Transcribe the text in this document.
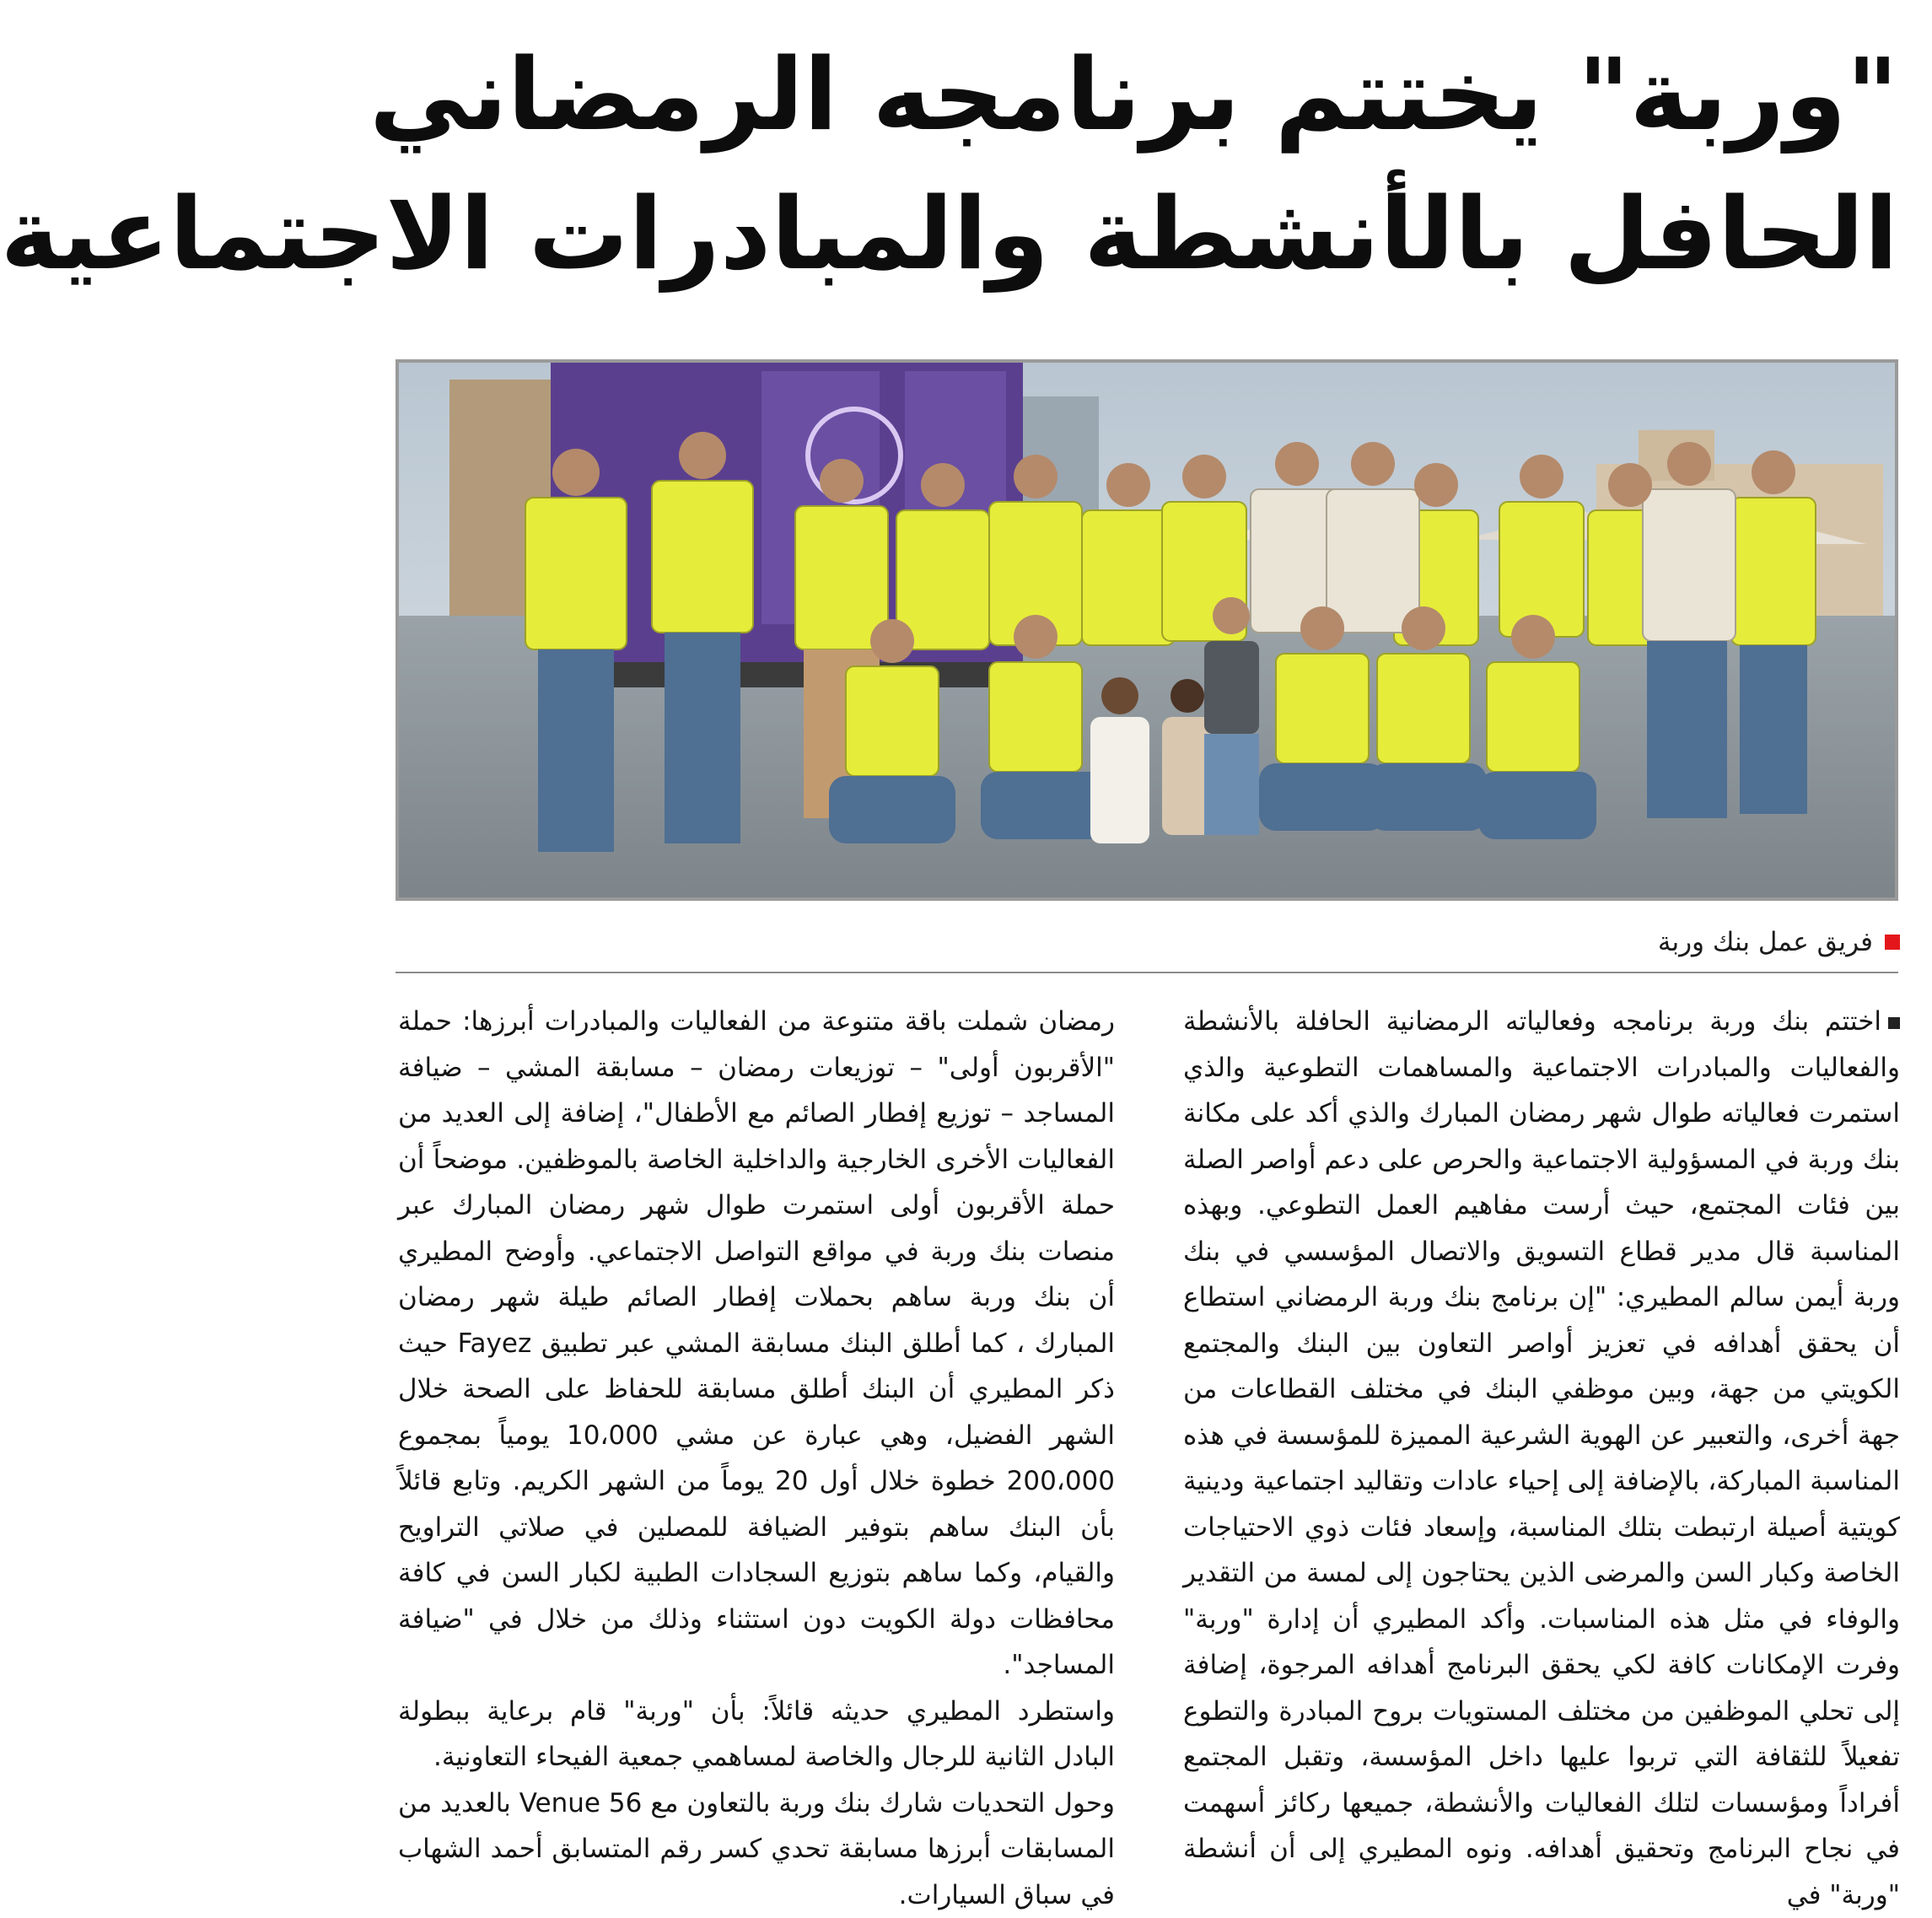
"وربة" يختتم برنامجه الرمضاني
الحافل بالأنشطة والمبادرات الاجتماعية
فريق عمل بنك وربة

اختتم بنك وربة برنامجه وفعالياته الرمضانية الحافلة بالأنشطة والفعاليات والمبادرات الاجتماعية والمساهمات التطوعية والذي استمرت فعالياته طوال شهر رمضان المبارك والذي أكد على مكانة بنك وربة في المسؤولية الاجتماعية والحرص على دعم أواصر الصلة بين فئات المجتمع، حيث أرست مفاهيم العمل التطوعي. وبهذه المناسبة قال مدير قطاع التسويق والاتصال المؤسسي في بنك وربة أيمن سالم المطيري: "إن برنامج بنك وربة الرمضاني استطاع أن يحقق أهدافه في تعزيز أواصر التعاون بين البنك والمجتمع الكويتي من جهة، وبين موظفي البنك في مختلف القطاعات من جهة أخرى، والتعبير عن الهوية الشرعية المميزة للمؤسسة في هذه المناسبة المباركة، بالإضافة إلى إحياء عادات وتقاليد اجتماعية ودينية كويتية أصيلة ارتبطت بتلك المناسبة، وإسعاد فئات ذوي الاحتياجات الخاصة وكبار السن والمرضى الذين يحتاجون إلى لمسة من التقدير والوفاء في مثل هذه المناسبات. وأكد المطيري أن إدارة "وربة" وفرت الإمكانات كافة لكي يحقق البرنامج أهدافه المرجوة، إضافة إلى تحلي الموظفين من مختلف المستويات بروح المبادرة والتطوع تفعيلاً للثقافة التي تربوا عليها داخل المؤسسة، وتقبل المجتمع أفراداً ومؤسسات لتلك الفعاليات والأنشطة، جميعها ركائز أسهمت في نجاح البرنامج وتحقيق أهدافه. ونوه المطيري إلى أن أنشطة "وربة" في

رمضان شملت باقة متنوعة من الفعاليات والمبادرات أبرزها: حملة "الأقربون أولى" – توزيعات رمضان – مسابقة المشي – ضيافة المساجد – توزيع إفطار الصائم مع الأطفال"، إضافة إلى العديد من الفعاليات الأخرى الخارجية والداخلية الخاصة بالموظفين. موضحاً أن حملة الأقربون أولى استمرت طوال شهر رمضان المبارك عبر منصات بنك وربة في مواقع التواصل الاجتماعي. وأوضح المطيري أن بنك وربة ساهم بحملات إفطار الصائم طيلة شهر رمضان المبارك ، كما أطلق البنك مسابقة المشي عبر تطبيق Fayez حيث ذكر المطيري أن البنك أطلق مسابقة للحفاظ على الصحة خلال الشهر الفضيل، وهي عبارة عن مشي 10،000 يومياً بمجموع 200،000 خطوة خلال أول 20 يوماً من الشهر الكريم. وتابع قائلاً بأن البنك ساهم بتوفير الضيافة للمصلين في صلاتي التراويح والقيام، وكما ساهم بتوزيع السجادات الطبية لكبار السن في كافة محافظات دولة الكويت دون استثناء وذلك من خلال في "ضيافة المساجد".

واستطرد المطيري حديثه قائلاً: بأن "وربة" قام برعاية ببطولة البادل الثانية للرجال والخاصة لمساهمي جمعية الفيحاء التعاونية.

وحول التحديات شارك بنك وربة بالتعاون مع Venue 56 بالعديد من المسابقات أبرزها مسابقة تحدي كسر رقم المتسابق أحمد الشهاب في سباق السيارات.
